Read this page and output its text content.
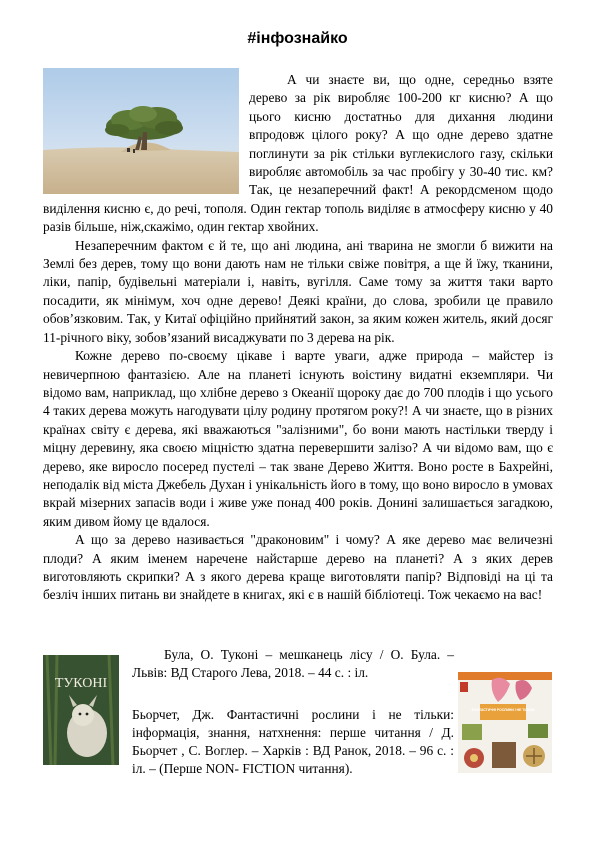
#інфознайко

А чи знаєте ви, що одне, середньо взяте дерево за рік виробляє 100-200 кг кисню? А що цього кисню достатньо для дихання людини впродовж цілого року? А що одне дерево здатне поглинути за рік стільки вуглекислого газу, скільки виробляє автомобіль за час пробігу у 30-40 тис. км? Так, це незаперечний факт! А рекордсменом щодо виділення кисню є, до речі, тополя. Один гектар тополь виділяє в атмосферу кисню у 40 разів більше, ніж,скажімо, один гектар хвойних.

Незаперечним фактом є й те, що ані людина, ані тварина не змогли б вижити на Землі без дерев, тому що вони дають нам не тільки свіже повітря, а ще й їжу, тканини, ліки, папір, будівельні матеріали і, навіть, вугілля. Саме тому за життя таки варто посадити, як мінімум, хоч одне дерево! Деякі країни, до слова, зробили це правило обов’язковим. Так, у Китаї офіційно прийнятий закон, за яким кожен житель, який досяг 11-річного віку, зобов’язаний висаджувати по 3 дерева на рік.

Кожне дерево по-своєму цікаве і варте уваги, адже природа – майстер із невичерпною фантазією. Але на планеті існують воістину видатні екземпляри. Чи відомо вам, наприклад, що хлібне дерево з Океанії щороку дає до 700 плодів і що усього 4 таких дерева можуть нагодувати цілу родину протягом року?! А чи знаєте, що в різних країнах світу є дерева, які вважаються "залізними", бо вони мають настільки тверду і міцну деревину, яка своєю міцністю здатна перевершити залізо? А чи відомо вам, що є дерево, яке виросло посеред пустелі – так зване Дерево Життя. Воно росте в Бахрейні, неподалік від міста Джебель Духан і унікальність його в тому, що воно виросло в умовах вкрай мізерних запасів води і живе уже понад 400 років. Донині залишається загадкою, яким дивом йому це вдалося.

А що за дерево називається "драконовим" і чому? А яке дерево має величезні плоди? А яким іменем наречене найстарше дерево на планеті? А з яких дерев виготовляють скрипки? А з якого дерева краще виготовляти папір? Відповіді на ці та безліч інших питань ви знайдете в книгах, які є в нашій бібліотеці. Тож чекаємо на вас!

ТУКОНІ

Була, О. Туконі – мешканець лісу / О. Була. – Львів: ВД Старого Лева, 2018. – 44 с. : іл.

Бьорчет, Дж. Фантастичні рослини і не тільки: інформація, знання, натхнення: перше читання / Д. Бьорчет , С. Воглер. – Харків : ВД Ранок, 2018. – 96 с. : іл. – (Перше NON- FICTION читання).

ФАНТАСТИЧНІ РОСЛИНИ І НЕ ТІЛЬКИ
